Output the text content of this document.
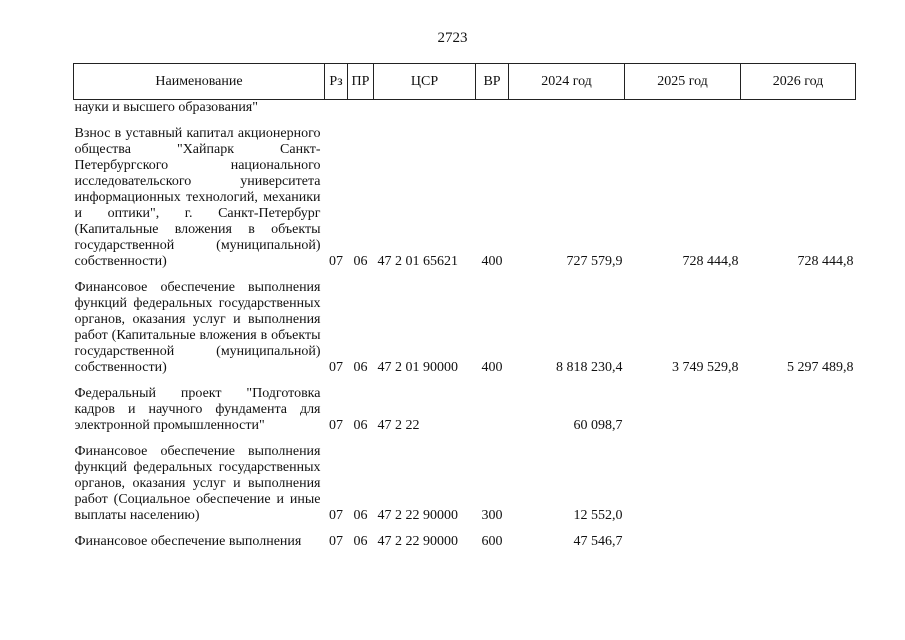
2723
Наименование	Рз	ПР	ЦСР	ВР	2024 год	2025 год	2026 год
науки и высшего образования"							

Взнос в уставный капитал акционерного общества "Хайпарк Санкт-Петербургского национального исследовательского университета информационных технологий, механики и оптики", г. Санкт-Петербург (Капитальные вложения в объекты государственной (муниципальной) собственности)	07	06	47 2 01 65621	400	727 579,9	728 444,8	728 444,8

Финансовое обеспечение выполнения функций федеральных государственных органов, оказания услуг и выполнения работ (Капитальные вложения в объекты государственной (муниципальной) собственности)	07	06	47 2 01 90000	400	8 818 230,4	3 749 529,8	5 297 489,8

Федеральный проект "Подготовка кадров и научного фундамента для электронной промышленности"	07	06	47 2 22		60 098,7		

Финансовое обеспечение выполнения функций федеральных государственных органов, оказания услуг и выполнения работ (Социальное обеспечение и иные выплаты населению)	07	06	47 2 22 90000	300	12 552,0		

Финансовое обеспечение выполнения	07	06	47 2 22 90000	600	47 546,7		
